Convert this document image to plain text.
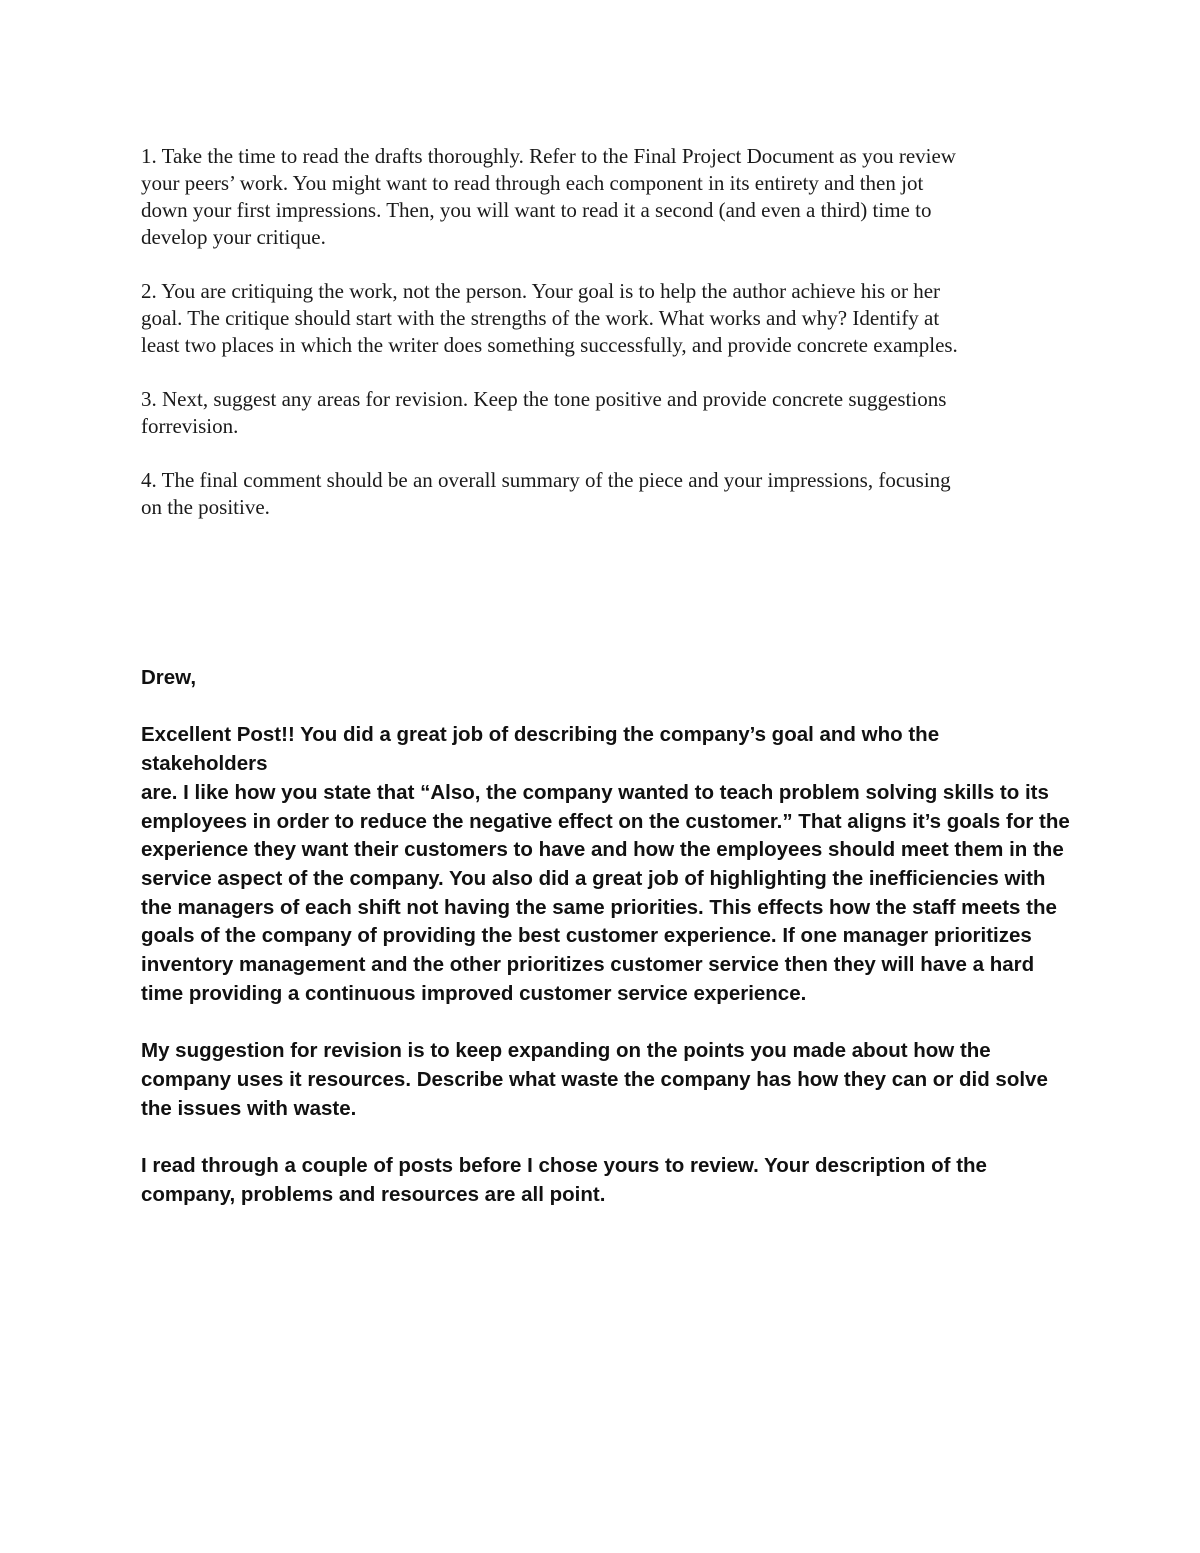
1. Take the time to read the drafts thoroughly. Refer to the Final Project Document as you review
your peers’ work. You might want to read through each component in its entirety and then jot
down your first impressions. Then, you will want to read it a second (and even a third) time to
develop your critique.

2. You are critiquing the work, not the person. Your goal is to help the author achieve his or her
goal. The critique should start with the strengths of the work. What works and why? Identify at
least two places in which the writer does something successfully, and provide concrete examples.

3. Next, suggest any areas for revision. Keep the tone positive and provide concrete suggestions
forrevision.

4. The final comment should be an overall summary of the piece and your impressions, focusing
on the positive.

Drew,

Excellent Post!! You did a great job of describing the company’s goal and who the stakeholders
are. I like how you state that “Also, the company wanted to teach problem solving skills to its
employees in order to reduce the negative effect on the customer.” That aligns it’s goals for the
experience they want their customers to have and how the employees should meet them in the
service aspect of the company. You also did a great job of highlighting the inefficiencies with
the managers of each shift not having the same priorities. This effects how the staff meets the
goals of the company of providing the best customer experience. If one manager prioritizes
inventory management and the other prioritizes customer service then they will have a hard
time providing a continuous improved customer service experience.

My suggestion for revision is to keep expanding on the points you made about how the
company uses it resources. Describe what waste the company has how they can or did solve
the issues with waste.

I read through a couple of posts before I chose yours to review. Your description of the
company, problems and resources are all point.
